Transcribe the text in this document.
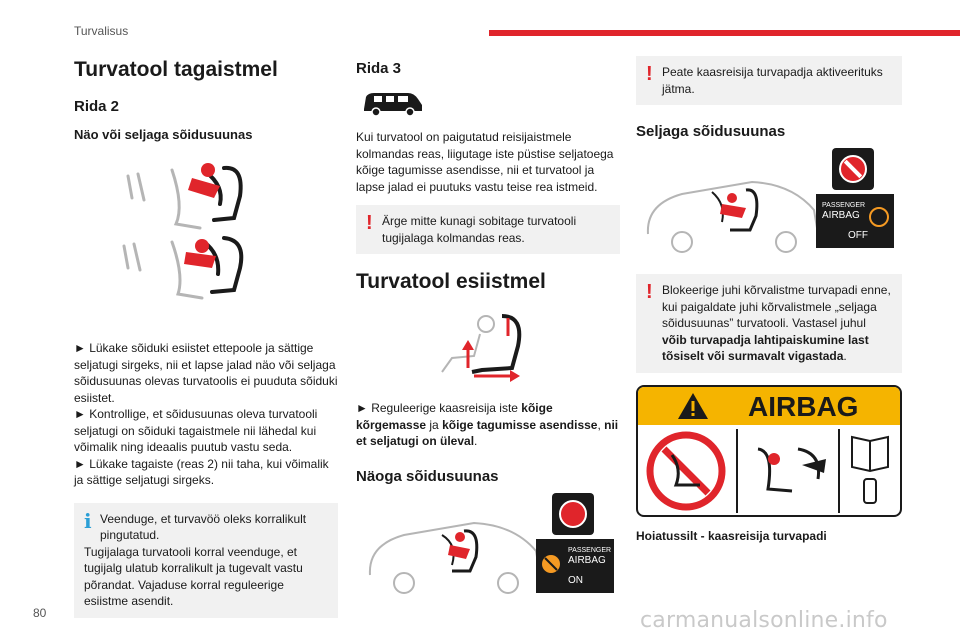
Turvalisus
Turvatool tagaistmel
Rida 2
Näo või seljaga sõidusuunas

► Lükake sõiduki esiistet ettepoole ja sättige seljatugi sirgeks, nii et lapse jalad näo või seljaga sõidusuunas olevas turvatoolis ei puuduta sõiduki esiistet.

► Kontrollige, et sõidusuunas oleva turvatooli seljatugi on sõiduki tagaistmele nii lähedal kui võimalik ning ideaalis puutub vastu seda.

► Lükake tagaiste (reas 2) nii taha, kui võimalik ja sättige seljatugi sirgeks.

i Veenduge, et turvavöö oleks korralikult pingutatud.
Tugijalaga turvatooli korral veenduge, et tugijalg ulatub korralikult ja tugevalt vastu põrandat. Vajaduse korral reguleerige esiistme asendit.
Rida 3

Kui turvatool on paigutatud reisijaistmele kolmandas reas, liigutage iste püstise seljatoega kõige tagumisse asendisse, nii et turvatool ja lapse jalad ei puutuks vastu teise rea istmeid.

! Ärge mitte kunagi sobitage turvatooli tugijalaga kolmandas reas.
Turvatool esiistmel

► Reguleerige kaasreisija iste kõige kõrgemasse ja kõige tagumisse asendisse, nii et seljatugi on üleval.

Näoga sõidusuunas
PASSENGER
AIRBAG
ON
! Peate kaasreisija turvapadja aktiveerituks jätma.
Seljaga sõidusuunas
PASSENGER
AIRBAG
OFF
! Blokeerige juhi kõrvalistme turvapadi enne, kui paigaldate juhi kõrvalistmele „seljaga sõidusuunas” turvatooli. Vastasel juhul võib turvapadja lahtipaiskumine last tõsiselt või surmavalt vigastada.
AIRBAG
Hoiatussilt - kaasreisija turvapadi
80	carmanualsonline.info
